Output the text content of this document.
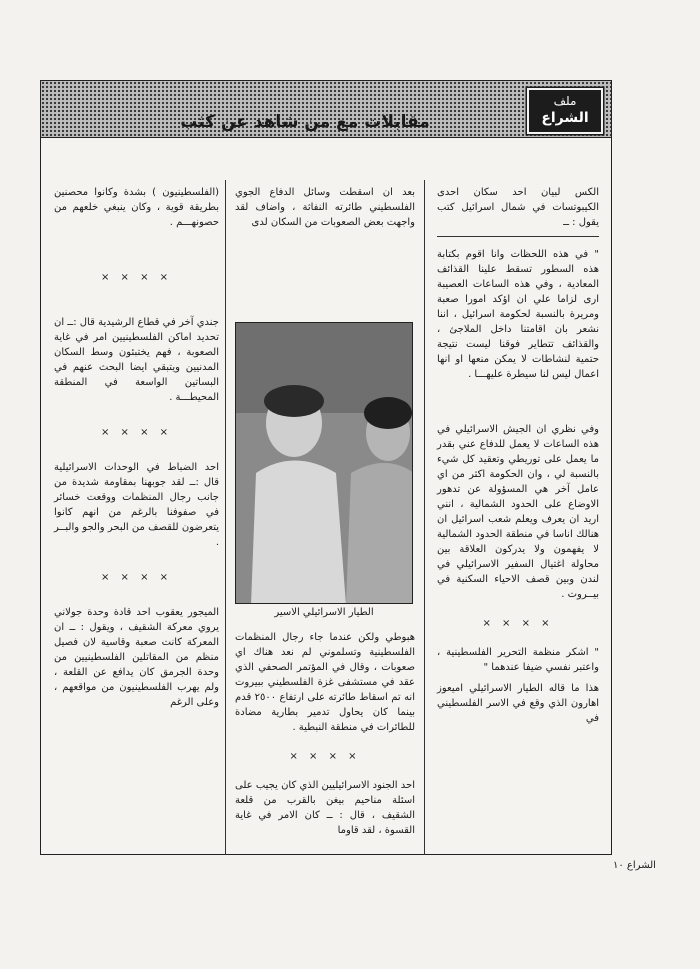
ملف
الشراع
مقابلات مع من شاهد عن كثب

الكس لبيان احد سكان احدى الكيبوتسات في شمال اسرائيل كتب يقول : ــ

" في هذه اللحظات وانا اقوم بكتابة هذه السطور تسقط علينا القذائف المعادية ، وفي هذه الساعات العصيبة ارى لزاما علي ان اؤكد امورا صعبة ومريرة بالنسبة لحكومة اسرائيل ، اننا نشعر بان اقامتنا داخل الملاجئ ، والقذائف تتطاير فوقنا ليست نتيجة حتمية لنشاطات لا يمكن منعها او انها اعمال ليس لنا سيطرة عليهـــا .

وفي نظري ان الجيش الاسرائيلي في هذه الساعات لا يعمل للدفاع عني بقدر ما يعمل على توريطي وتعقيد كل شيء بالنسبة لي ، وان الحكومة اكثر من اي عامل آخر هي المسؤولة عن تدهور الاوضاع على الحدود الشمالية ، انني اريد ان يعرف ويعلم شعب اسرائيل ان هنالك اناسا في منطقة الحدود الشمالية لا يفهمون ولا يدركون العلاقة بين محاولة اغتيال السفير الاسرائيلي في لندن وبين قصف الاحياء السكنية في بيــروت .

× × × ×

" اشكر منظمة التحرير الفلسطينية ، واعتبر نفسي ضيفا عندهما "

هذا ما قاله الطيار الاسرائيلي اميعوز اهارون الذي وقع في الاسر الفلسطيني في

بعد ان اسقطت وسائل الدفاع الجوي الفلسطيني طائرته النفاثة ، واضاف لقد واجهت بعض الصعوبات من السكان لدى

الطيار الاسرائيلي الاسير

هبوطي ولكن عندما جاء رجال المنظمات الفلسطينية وتسلموني لم نعد هناك اي صعوبات ، وقال في المؤتمر الصحفي الذي عقد في مستشفى غزة الفلسطيني ببيروت انه تم اسقاط طائرته على ارتفاع ٢٥٠٠ قدم بينما كان يحاول تدمير بطارية مضادة للطائرات في منطقة النبطية .

× × × ×

احد الجنود الاسرائيليين الذي كان يجيب على اسئلة مناحيم بيغن بالقرب من قلعة الشقيف ، قال : ــ كان الامر في غاية القسوة ، لقد قاوما

(الفلسطينيون ) بشدة وكانوا محصنين بطريقة قوية ، وكان ينبغي خلعهم من حصونهـــم .

× × × ×

جندي آخر في قطاع الرشيدية قال :ــ ان تحديد اماكن الفلسطينيين امر في غاية الصعوبة ، فهم يختبئون وسط السكان المدنيين ويتبقي ايضا البحث عنهم في البساتين الواسعة في المنطقة المحيطـــة .

× × × ×

احد الضباط في الوحدات الاسرائيلية قال :ــ لقد جوبهنا بمقاومة شديدة من جانب رجال المنظمات ووقعت خسائر في صفوفنا بالرغم من انهم كانوا يتعرضون للقصف من البحر والجو والبــر .

× × × ×

الميجور يعقوب احد قادة وحدة جولاني يروي معركة الشقيف ، ويقول : ــ ان المعركة كانت صعبة وقاسية لان فصيل منظم من المقاتلين الفلسطينيين من وحدة الجرمق كان يدافع عن القلعة ، ولم يهرب الفلسطينيون من مواقعهم ، وعلى الرغم

الشراع ١٠
